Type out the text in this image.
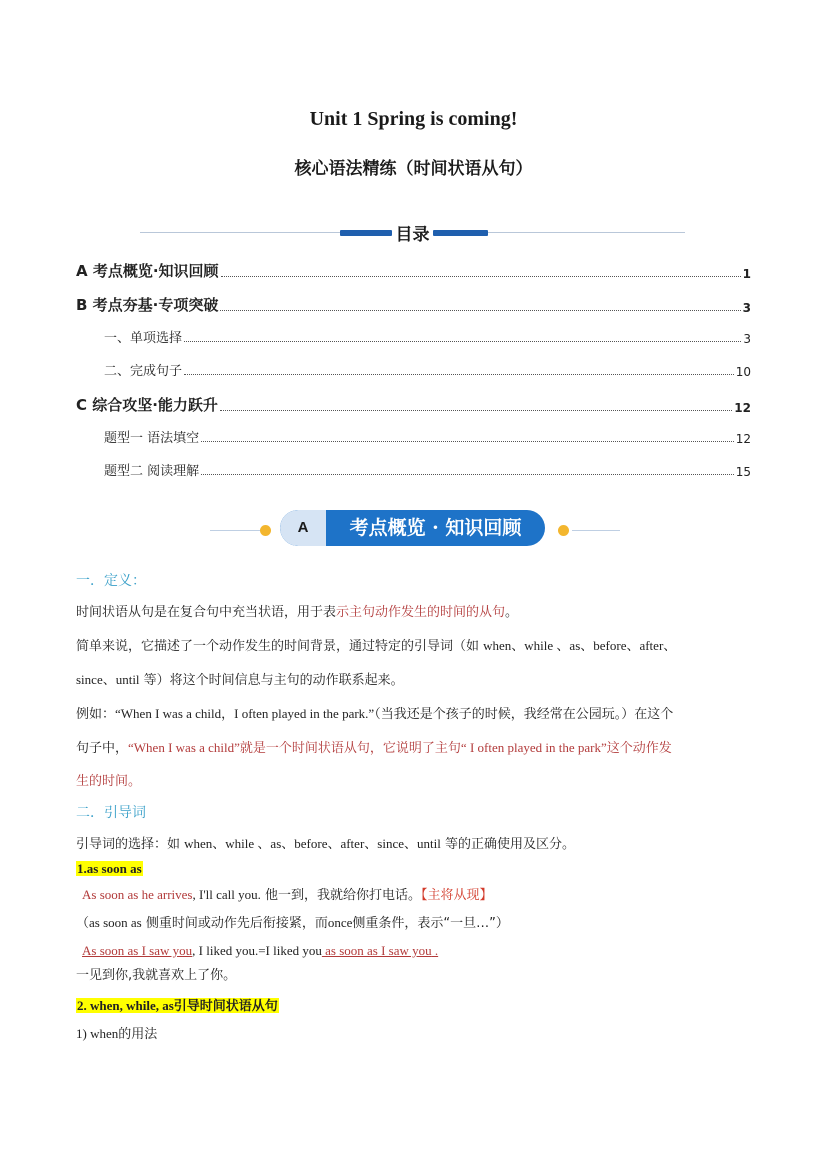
Unit 1 Spring is coming!
核心语法精练（时间状语从句）
目录
A 考点概览·知识回顾	1
B 考点夯基·专项突破	3
一、单项选择	3
二、完成句子	10
C 综合攻坚·能力跃升	12
题型一 语法填空	12
题型二 阅读理解	15
A	考点概览 · 知识回顾
一．定义：
时间状语从句是在复合句中充当状语，用于表示主句动作发生的时间的从句。
简单来说，它描述了一个动作发生的时间背景，通过特定的引导词（如 when、while 、as、before、after、
since、until 等）将这个时间信息与主句的动作联系起来。
例如：“When I was a child，I often played in the park.”（当我还是个孩子的时候，我经常在公园玩。）在这个
句子中，“When I was a child”就是一个时间状语从句，它说明了主句“ I often played in the park”这个动作发
生的时间。
二．引导词
引导词的选择：如 when、while 、as、before、after、since、until 等的正确使用及区分。
1.as soon as
As soon as he arrives, I'll call you. 他一到，我就给你打电话。【主将从现】
（as soon as 侧重时间或动作先后衔接紧，而once侧重条件，表示“一旦…”）
As soon as I saw you, I liked you.=I liked you as soon as I saw you .
一见到你,我就喜欢上了你。
2. when, while, as引导时间状语从句
1) when的用法
